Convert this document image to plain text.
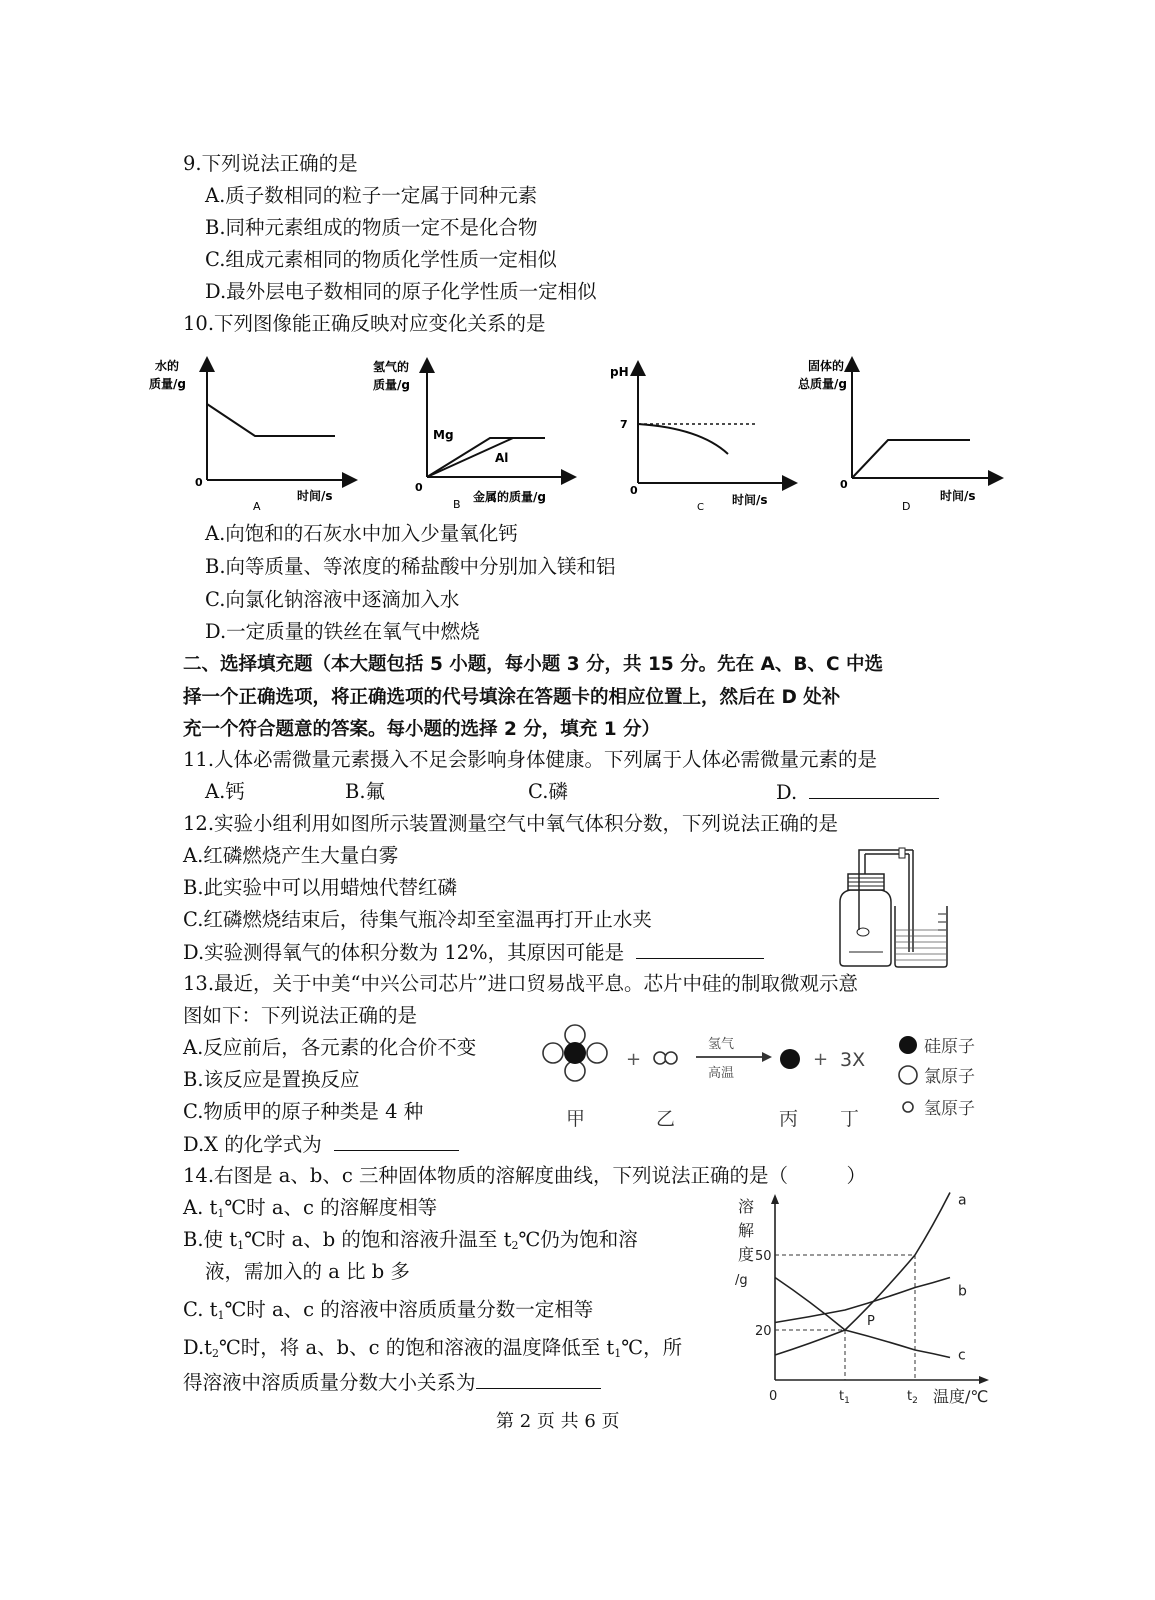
9.下列说法正确的是
A.质子数相同的粒子一定属于同种元素
B.同种元素组成的物质一定不是化合物
C.组成元素相同的物质化学性质一定相似
D.最外层电子数相同的原子化学性质一定相似
10.下列图像能正确反映对应变化关系的是
水的
质量/g
0
A
时间/s
氢气的
质量/g
Mg
Al
0
B
金属的质量/g
pH
7
0
C
时间/s
固体的
总质量/g
0
D
时间/s
A.向饱和的石灰水中加入少量氧化钙
B.向等质量、等浓度的稀盐酸中分别加入镁和铝
C.向氯化钠溶液中逐滴加入水
D.一定质量的铁丝在氧气中燃烧
二、选择填充题（本大题包括 5 小题，每小题 3 分，共 15 分。先在 A、B、C 中选
择一个正确选项，将正确选项的代号填涂在答题卡的相应位置上，然后在 D 处补
充一个符合题意的答案。每小题的选择 2 分，填充 1 分）
11.人体必需微量元素摄入不足会影响身体健康。下列属于人体必需微量元素的是
A.钙	B.氟	C.磷	D.
12.实验小组利用如图所示装置测量空气中氧气体积分数，下列说法正确的是
A.红磷燃烧产生大量白雾
B.此实验中可以用蜡烛代替红磷
C.红磷燃烧结束后，待集气瓶冷却至室温再打开止水夹
D.实验测得氧气的体积分数为 12%，其原因可能是
13.最近，关于中美“中兴公司芯片”进口贸易战平息。芯片中硅的制取微观示意
图如下：下列说法正确的是
A.反应前后，各元素的化合价不变
B.该反应是置换反应
C.物质甲的原子种类是 4 种
D.X 的化学式为
+
氢气
高温
+ 3X
甲	乙	丙 丁
硅原子
氯原子
氢原子
14.右图是 a、b、c 三种固体物质的溶解度曲线，下列说法正确的是（　　　）
A. $t_1℃$时 a、c 的溶解度相等
B.使 $t_1℃$时 a、b 的饱和溶液升温至 $t_2℃$仍为饱和溶
液，需加入的 a 比 b 多
C. $t_1℃$时 a、c 的溶液中溶质质量分数一定相等
$D.t_2℃$时，将 a、b、c 的饱和溶液的温度降低至 $t_1℃$，所
得溶液中溶质质量分数大小关系为
溶
解
度
/g
20
50
a
b
c
P
0	$t_1$	$t_2$ 温度/℃
第 2 页 共 6 页
